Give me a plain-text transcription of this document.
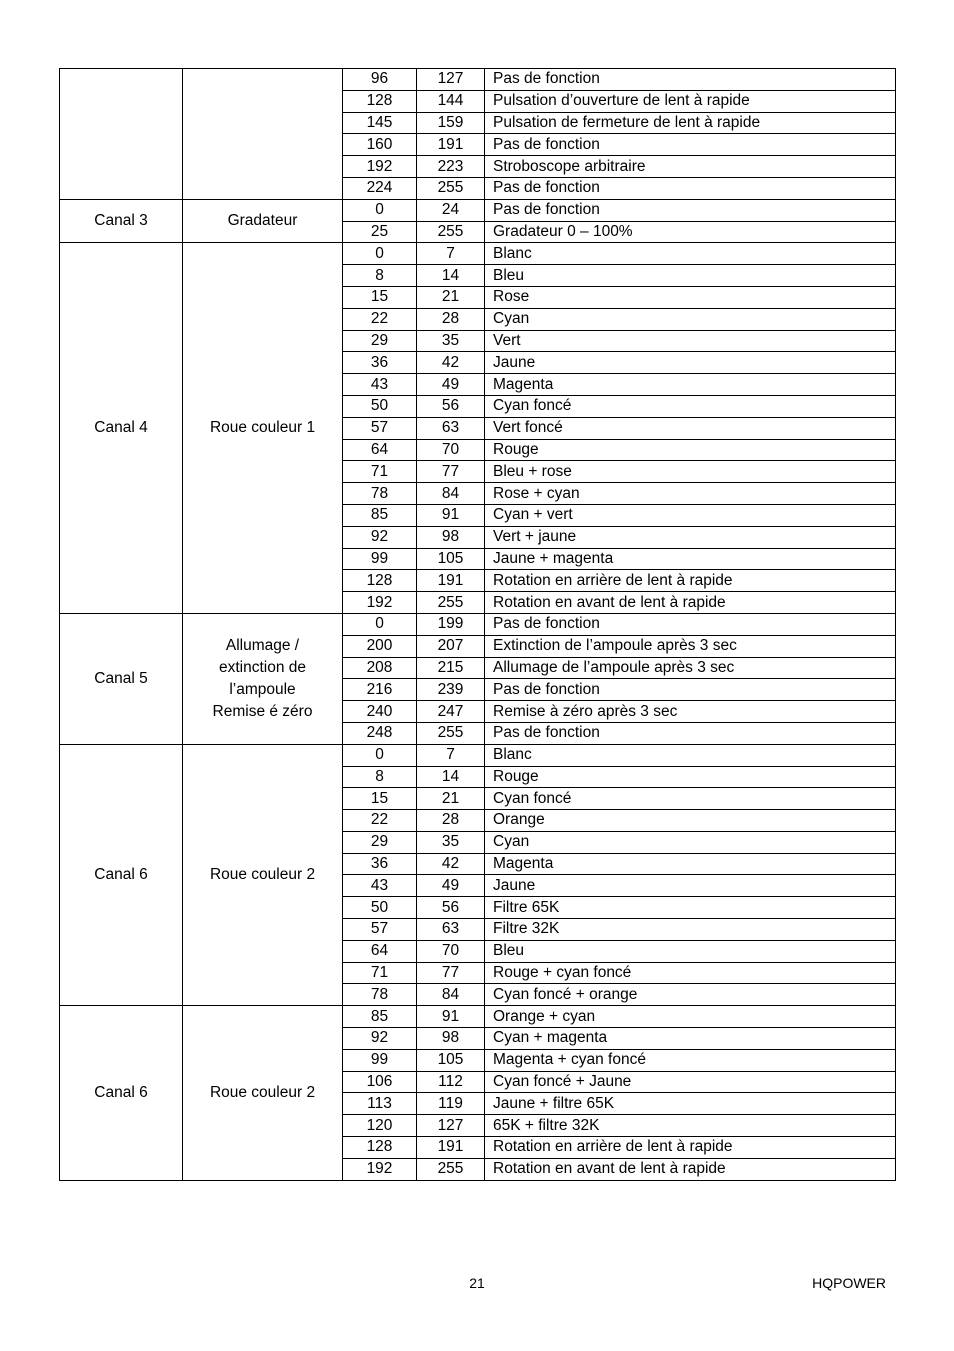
		96	127	Pas de fonction
		128	144	Pulsation d’ouverture de lent à rapide
		145	159	Pulsation de fermeture de lent à rapide
		160	191	Pas de fonction
		192	223	Stroboscope arbitraire
		224	255	Pas de fonction
Canal 3	Gradateur	0	24	Pas de fonction
		25	255	Gradateur 0 – 100%
Canal 4	Roue couleur 1	0	7	Blanc
		8	14	Bleu
		15	21	Rose
		22	28	Cyan
		29	35	Vert
		36	42	Jaune
		43	49	Magenta
		50	56	Cyan foncé
		57	63	Vert foncé
		64	70	Rouge
		71	77	Bleu + rose
		78	84	Rose + cyan
		85	91	Cyan + vert
		92	98	Vert + jaune
		99	105	Jaune + magenta
		128	191	Rotation en arrière de lent à rapide
		192	255	Rotation en avant de lent à rapide
Canal 5	Allumage /
extinction de
l’ampoule
Remise é zéro	0	199	Pas de fonction
		200	207	Extinction de l’ampoule après 3 sec
		208	215	Allumage de l’ampoule après 3 sec
		216	239	Pas de fonction
		240	247	Remise à zéro après 3 sec
		248	255	Pas de fonction
Canal 6	Roue couleur 2	0	7	Blanc
		8	14	Rouge
		15	21	Cyan foncé
		22	28	Orange
		29	35	Cyan
		36	42	Magenta
		43	49	Jaune
		50	56	Filtre 65K
		57	63	Filtre 32K
		64	70	Bleu
		71	77	Rouge + cyan foncé
		78	84	Cyan foncé + orange
Canal 6	Roue couleur 2	85	91	Orange + cyan
		92	98	Cyan + magenta
		99	105	Magenta + cyan foncé
		106	112	Cyan foncé + Jaune
		113	119	Jaune + filtre 65K
		120	127	65K + filtre 32K
		128	191	Rotation en arrière de lent à rapide
		192	255	Rotation en avant de lent à rapide
21	HQPOWER
